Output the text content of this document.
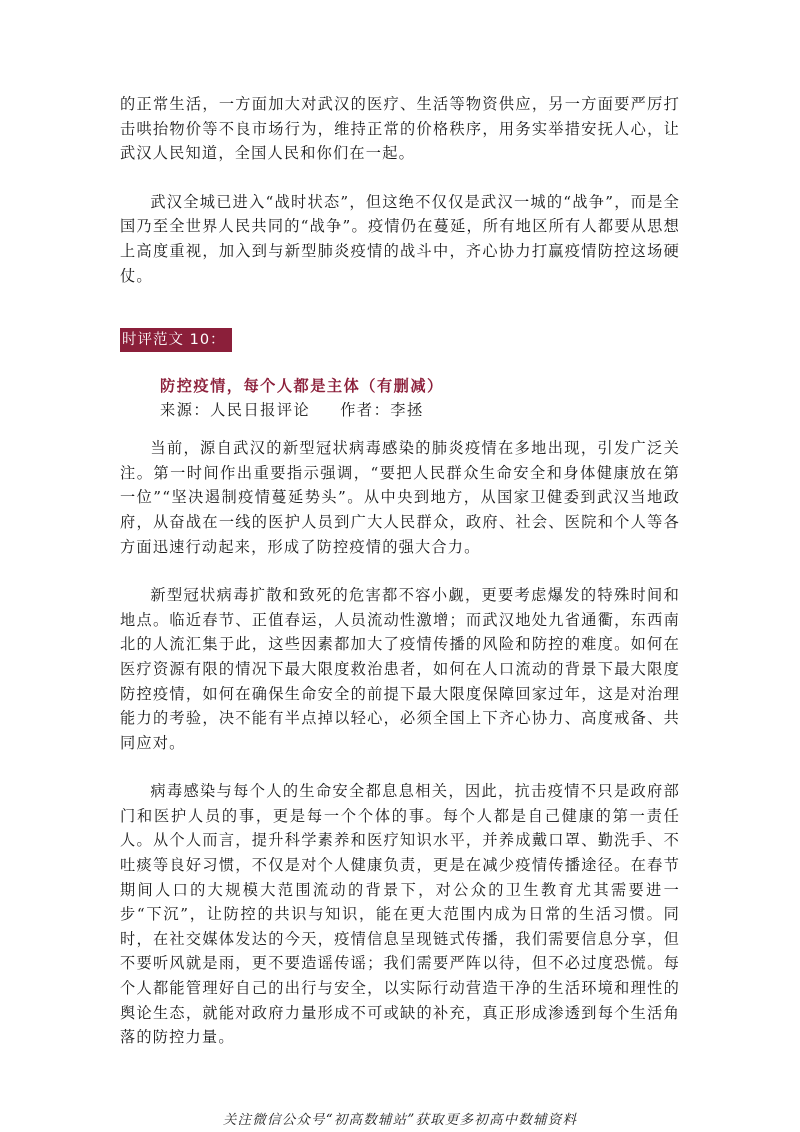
的正常生活，一方面加大对武汉的医疗、生活等物资供应，另一方面要严厉打击哄抬物价等不良市场行为，维持正常的价格秩序，用务实举措安抚人心，让武汉人民知道，全国人民和你们在一起。

武汉全城已进入“战时状态”，但这绝不仅仅是武汉一城的“战争”，而是全国乃至全世界人民共同的“战争”。疫情仍在蔓延，所有地区所有人都要从思想上高度重视，加入到与新型肺炎疫情的战斗中，齐心协力打赢疫情防控这场硬仗。

时评范文 10：

防控疫情，每个人都是主体（有删减）

来源：人民日报评论 作者：李拯

当前，源自武汉的新型冠状病毒感染的肺炎疫情在多地出现，引发广泛关注。第一时间作出重要指示强调，“要把人民群众生命安全和身体健康放在第一位”“坚决遏制疫情蔓延势头”。从中央到地方，从国家卫健委到武汉当地政府，从奋战在一线的医护人员到广大人民群众，政府、社会、医院和个人等各方面迅速行动起来，形成了防控疫情的强大合力。

新型冠状病毒扩散和致死的危害都不容小觑，更要考虑爆发的特殊时间和地点。临近春节、正值春运，人员流动性激增；而武汉地处九省通衢，东西南北的人流汇集于此，这些因素都加大了疫情传播的风险和防控的难度。如何在医疗资源有限的情况下最大限度救治患者，如何在人口流动的背景下最大限度防控疫情，如何在确保生命安全的前提下最大限度保障回家过年，这是对治理能力的考验，决不能有半点掉以轻心，必须全国上下齐心协力、高度戒备、共同应对。

病毒感染与每个人的生命安全都息息相关，因此，抗击疫情不只是政府部门和医护人员的事，更是每一个个体的事。每个人都是自己健康的第一责任人。从个人而言，提升科学素养和医疗知识水平，并养成戴口罩、勤洗手、不吐痰等良好习惯，不仅是对个人健康负责，更是在减少疫情传播途径。在春节期间人口的大规模大范围流动的背景下，对公众的卫生教育尤其需要进一步“下沉”，让防控的共识与知识，能在更大范围内成为日常的生活习惯。同时，在社交媒体发达的今天，疫情信息呈现链式传播，我们需要信息分享，但不要听风就是雨，更不要造谣传谣；我们需要严阵以待，但不必过度恐慌。每个人都能管理好自己的出行与安全，以实际行动营造干净的生活环境和理性的舆论生态，就能对政府力量形成不可或缺的补充，真正形成渗透到每个生活角落的防控力量。

关注微信公众号“初高数辅站”获取更多初高中数辅资料
